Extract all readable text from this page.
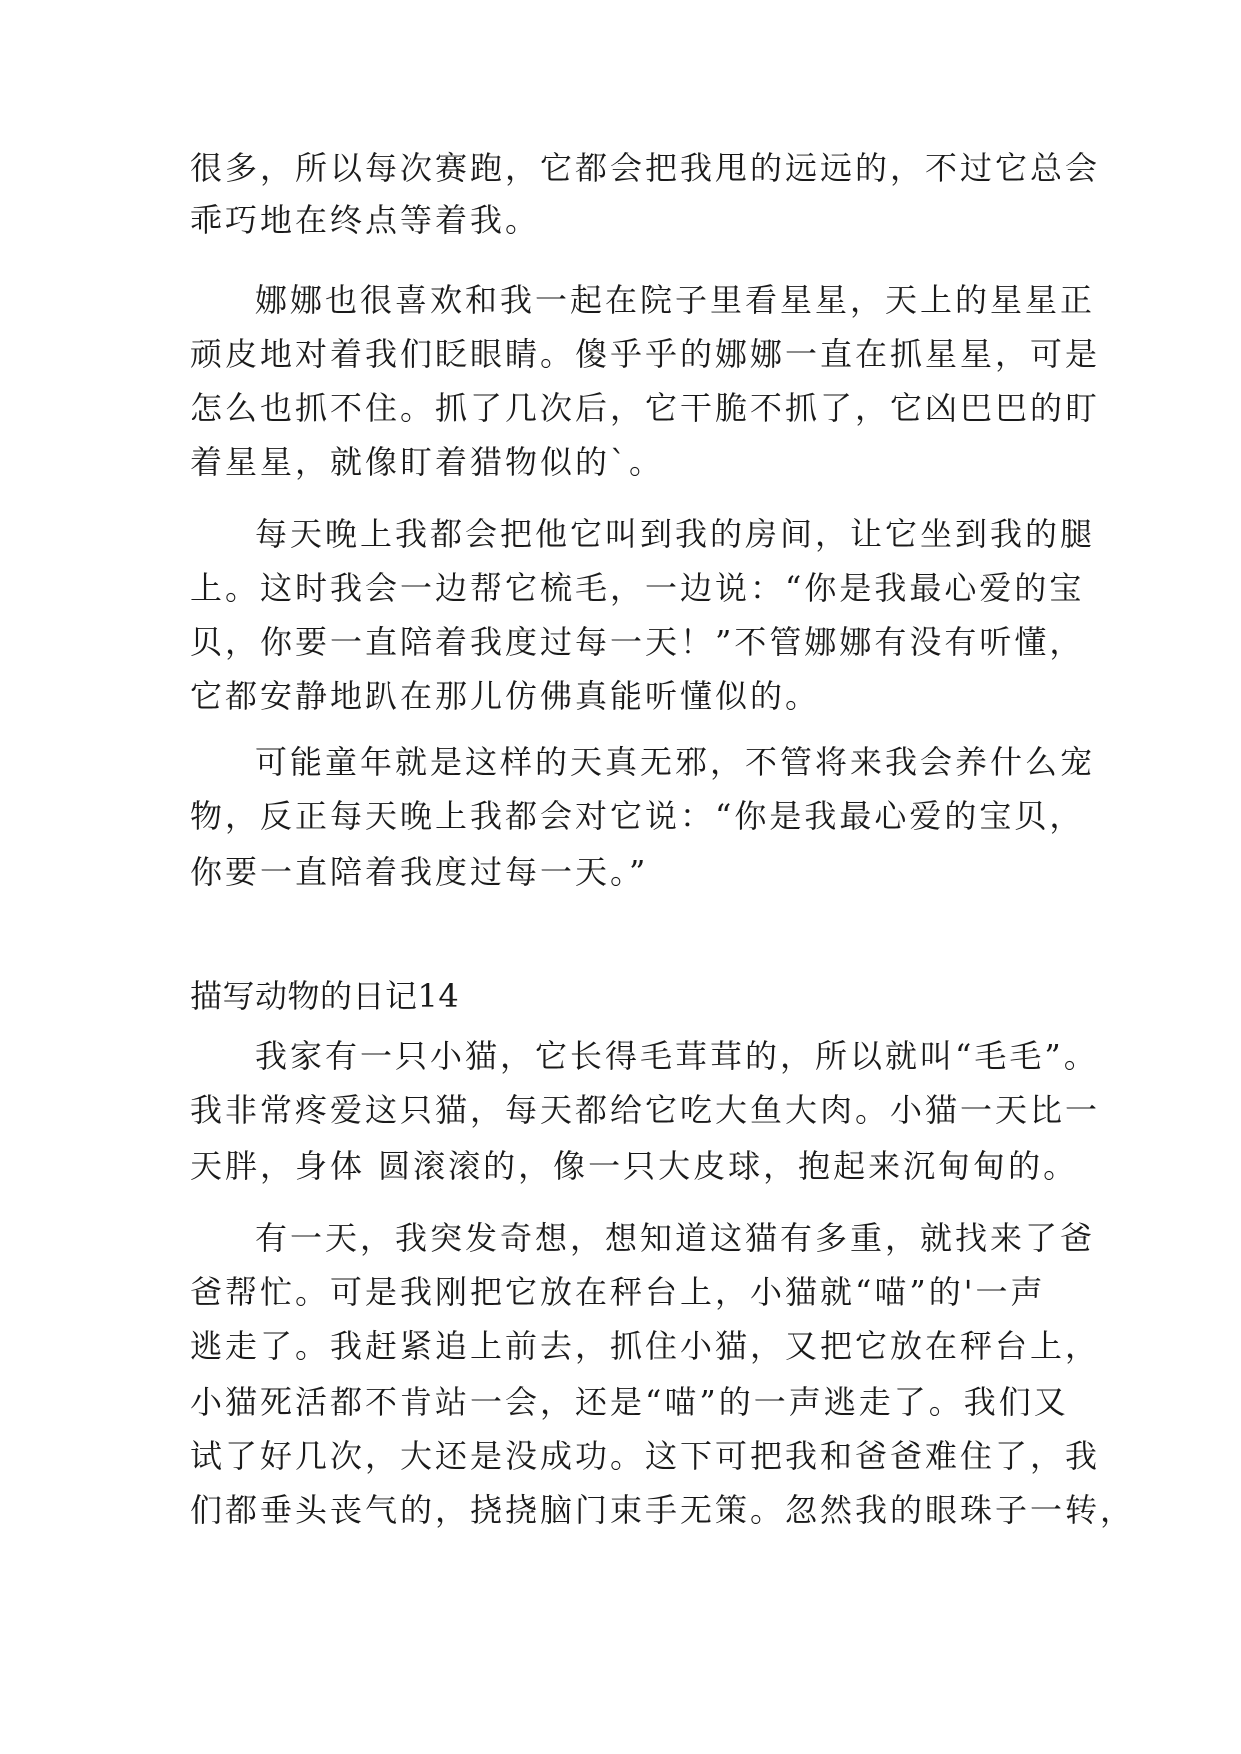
很多，所以每次赛跑，它都会把我甩的远远的，不过它总会
乖巧地在终点等着我。
娜娜也很喜欢和我一起在院子里看星星，天上的星星正
顽皮地对着我们眨眼睛。傻乎乎的娜娜一直在抓星星，可是
怎么也抓不住。抓了几次后，它干脆不抓了，它凶巴巴的盯
着星星，就像盯着猎物似的`。
每天晚上我都会把他它叫到我的房间，让它坐到我的腿
上。这时我会一边帮它梳毛，一边说：“你是我最心爱的宝
贝，你要一直陪着我度过每一天！”不管娜娜有没有听懂，
它都安静地趴在那儿仿佛真能听懂似的。
可能童年就是这样的天真无邪，不管将来我会养什么宠
物，反正每天晚上我都会对它说：“你是我最心爱的宝贝，
你要一直陪着我度过每一天。”
描写动物的日记14
我家有一只小猫，它长得毛茸茸的，所以就叫“毛毛”。
我非常疼爱这只猫，每天都给它吃大鱼大肉。小猫一天比一
天胖，身体 圆滚滚的，像一只大皮球，抱起来沉甸甸的。
有一天，我突发奇想，想知道这猫有多重，就找来了爸
爸帮忙。可是我刚把它放在秤台上，小猫就“喵”的'一声
逃走了。我赶紧追上前去，抓住小猫，又把它放在秤台上，
小猫死活都不肯站一会，还是“喵”的一声逃走了。我们又
试了好几次，大还是没成功。这下可把我和爸爸难住了，我
们都垂头丧气的，挠挠脑门束手无策。忽然我的眼珠子一转，
